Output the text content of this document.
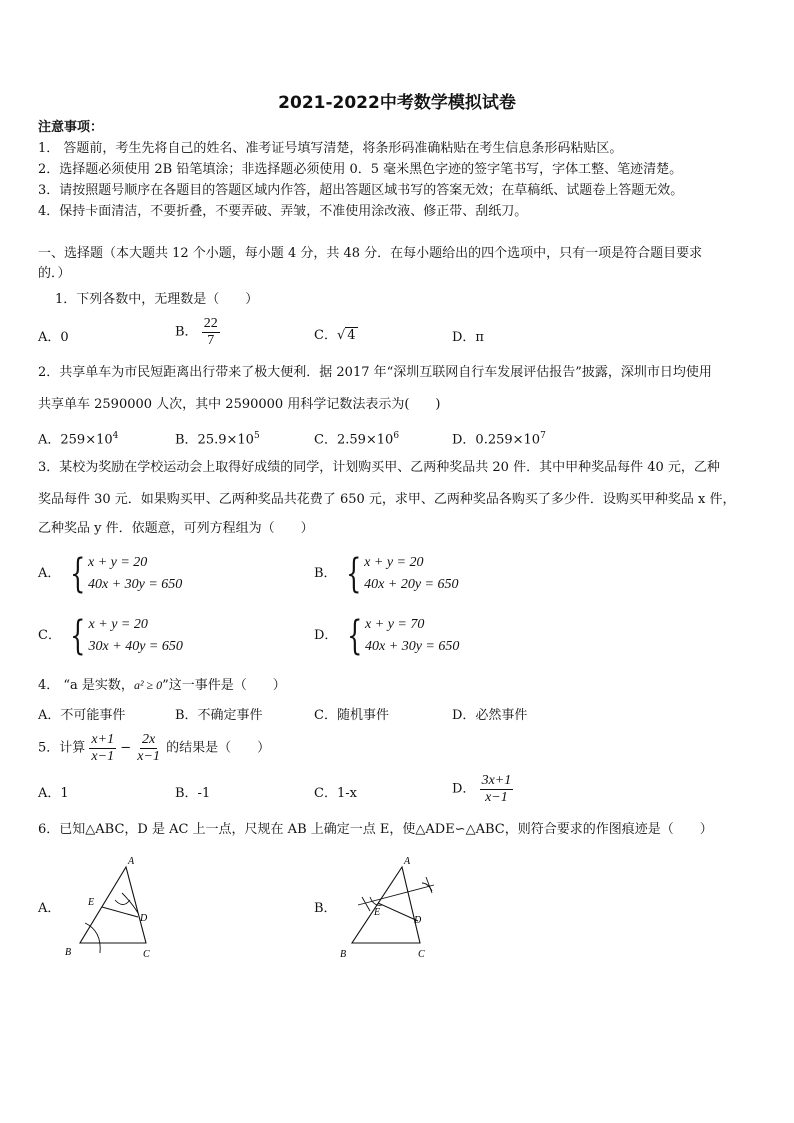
2021-2022中考数学模拟试卷
注意事项：
1． 答题前，考生先将自己的姓名、准考证号填写清楚，将条形码准确粘贴在考生信息条形码粘贴区。
2．选择题必须使用 2B 铅笔填涂；非选择题必须使用 0．5 毫米黑色字迹的签字笔书写，字体工整、笔迹清楚。
3．请按照题号顺序在各题目的答题区域内作答，超出答题区域书写的答案无效；在草稿纸、试题卷上答题无效。
4．保持卡面清洁，不要折叠，不要弄破、弄皱，不准使用涂改液、修正带、刮纸刀。
一、选择题（本大题共 12 个小题，每小题 4 分，共 48 分．在每小题给出的四个选项中，只有一项是符合题目要求
的．）
1．下列各数中，无理数是（　　）
A．0	B． $\frac{22}{7}$	C．√ 4	D．π
2．共享单车为市民短距离出行带来了极大便利．据 2017 年“深圳互联网自行车发展评估报告”披露，深圳市日均使用
共享单车 2590000 人次，其中 2590000 用科学记数法表示为(　　)
A．$259\times 10^4$	B．$25.9\times 10^5$	C．$2.59\times 10^6$	D．$0.259\times 10^7$
3．某校为奖励在学校运动会上取得好成绩的同学，计划购买甲、乙两种奖品共 20 件．其中甲种奖品每件 40 元，乙种
奖品每件 30 元．如果购买甲、乙两种奖品共花费了 650 元，求甲、乙两种奖品各购买了多少件．设购买甲种奖品 x 件，
乙种奖品 y 件．依题意，可列方程组为（　　）
A． { x + y = 20
40x + 30y = 650
B． { x + y = 20
40x + 20y = 650
C． { x + y = 20
30x + 40y = 650
D． { x + y = 70
40x + 30y = 650
4． “a 是实数，a² ≥ 0”这一事件是（　　）
A．不可能事件	B．不确定事件	C．随机事件	D．必然事件
5．计算 $\frac{x+1}{x-1} - \frac{2x}{x-1}$ 的结果是（　　）
A．1	B．-1	C．1-x	D． $\frac{3x+1}{x-1}$
6．已知△ABC，D 是 AC 上一点，尺规在 AB 上确定一点 E，使△ADE∽△ABC，则符合要求的作图痕迹是（　　）
A．	B．
A
E
D
B	C
A
E
D
B	C
